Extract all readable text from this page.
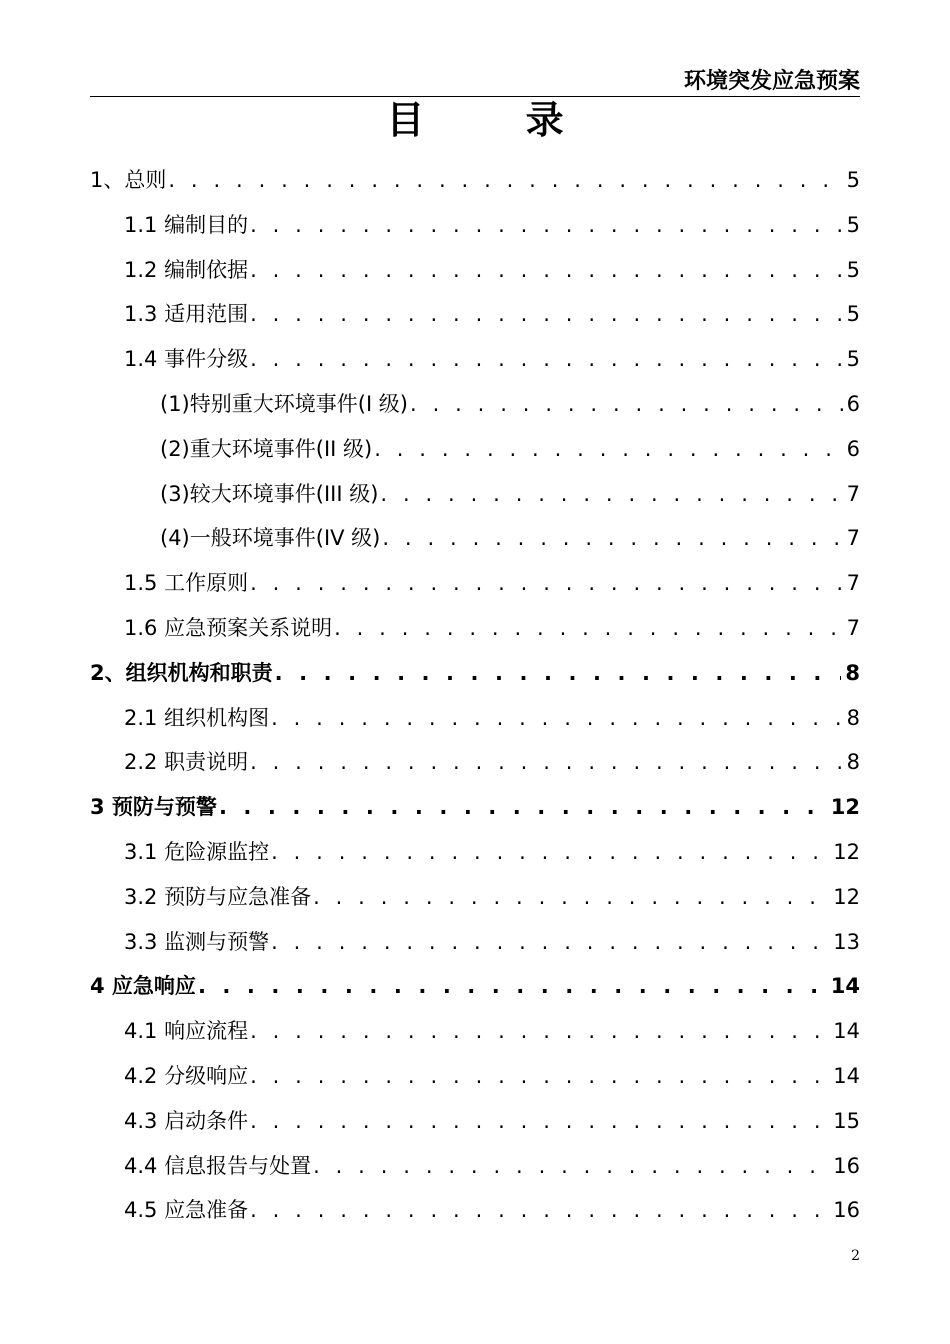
环境突发应急预案
目 录
1、总则 . . .	5
1.1 编制目的 . . .	5
1.2 编制依据 . . .	5
1.3 适用范围 . . .	5
1.4 事件分级 . . .	5
(1)特别重大环境事件(Ⅰ 级) . . .	6
(2)重大环境事件(II 级) . . .	6
(3)较大环境事件(III 级) . . .	7
(4)一般环境事件(IV 级) . . .	7
1.5 工作原则 . . .	7
1.6 应急预案关系说明 . . .	7
2、组织机构和职责 . . .	8
2.1 组织机构图 . . .	8
2.2 职责说明 . . .	8
3 预防与预警 . . .	12
3.1 危险源监控 . . .	12
3.2 预防与应急准备 . . .	12
3.3 监测与预警 . . .	13
4 应急响应 . . .	14
4.1 响应流程 . . .	14
4.2 分级响应 . . .	14
4.3 启动条件 . . .	15
4.4 信息报告与处置 . . .	16
4.5 应急准备 . . .	16
2
